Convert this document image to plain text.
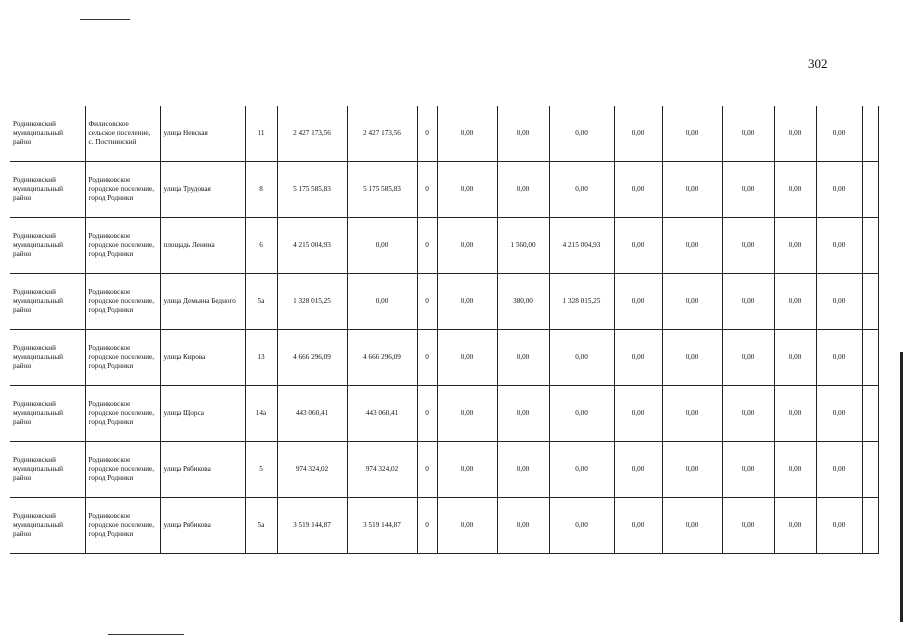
302
Родниковский муниципальный район	Филисовское сельское поселение, с. Постнинский	улица Невская	11	2 427 173,56	2 427 173,56	0	0,00	0,00	0,00	0,00	0,00	0,00	0,00	0,00	
Родниковский муниципальный район	Родниковское городское поселение, город Родники	улица Трудовая	8	5 175 585,83	5 175 585,83	0	0,00	0,00	0,00	0,00	0,00	0,00	0,00	0,00	
Родниковский муниципальный район	Родниковское городское поселение, город Родники	площадь Ленина	6	4 215 004,93	0,00	0	0,00	1 560,00	4 215 004,93	0,00	0,00	0,00	0,00	0,00	
Родниковский муниципальный район	Родниковское городское поселение, город Родники	улица Демьяна Бедного	5а	1 328 015,25	0,00	0	0,00	380,00	1 328 015,25	0,00	0,00	0,00	0,00	0,00	
Родниковский муниципальный район	Родниковское городское поселение, город Родники	улица Кирова	13	4 666 296,09	4 666 296,09	0	0,00	0,00	0,00	0,00	0,00	0,00	0,00	0,00	
Родниковский муниципальный район	Родниковское городское поселение, город Родники	улица Щорса	14а	443 060,41	443 060,41	0	0,00	0,00	0,00	0,00	0,00	0,00	0,00	0,00	
Родниковский муниципальный район	Родниковское городское поселение, город Родники	улица Рябикова	5	974 324,02	974 324,02	0	0,00	0,00	0,00	0,00	0,00	0,00	0,00	0,00	
Родниковский муниципальный район	Родниковское городское поселение, город Родники	улица Рябикова	5а	3 519 144,87	3 519 144,87	0	0,00	0,00	0,00	0,00	0,00	0,00	0,00	0,00	
